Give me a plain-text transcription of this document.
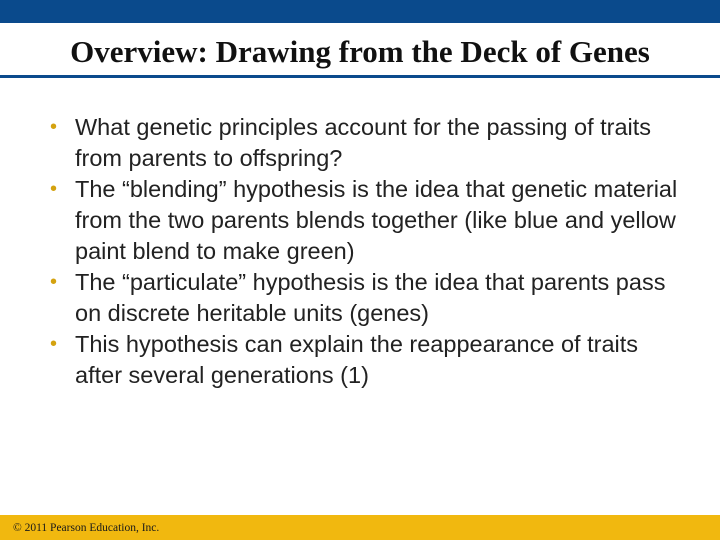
Overview: Drawing from the Deck of Genes
• What genetic principles account for the passing of traits from parents to offspring?
• The “blending” hypothesis is the idea that genetic material from the two parents blends together (like blue and yellow paint blend to make green)
• The “particulate” hypothesis is the idea that parents pass on discrete heritable units (genes)
• This hypothesis can explain the reappearance of traits after several generations (1)
© 2011 Pearson Education, Inc.
